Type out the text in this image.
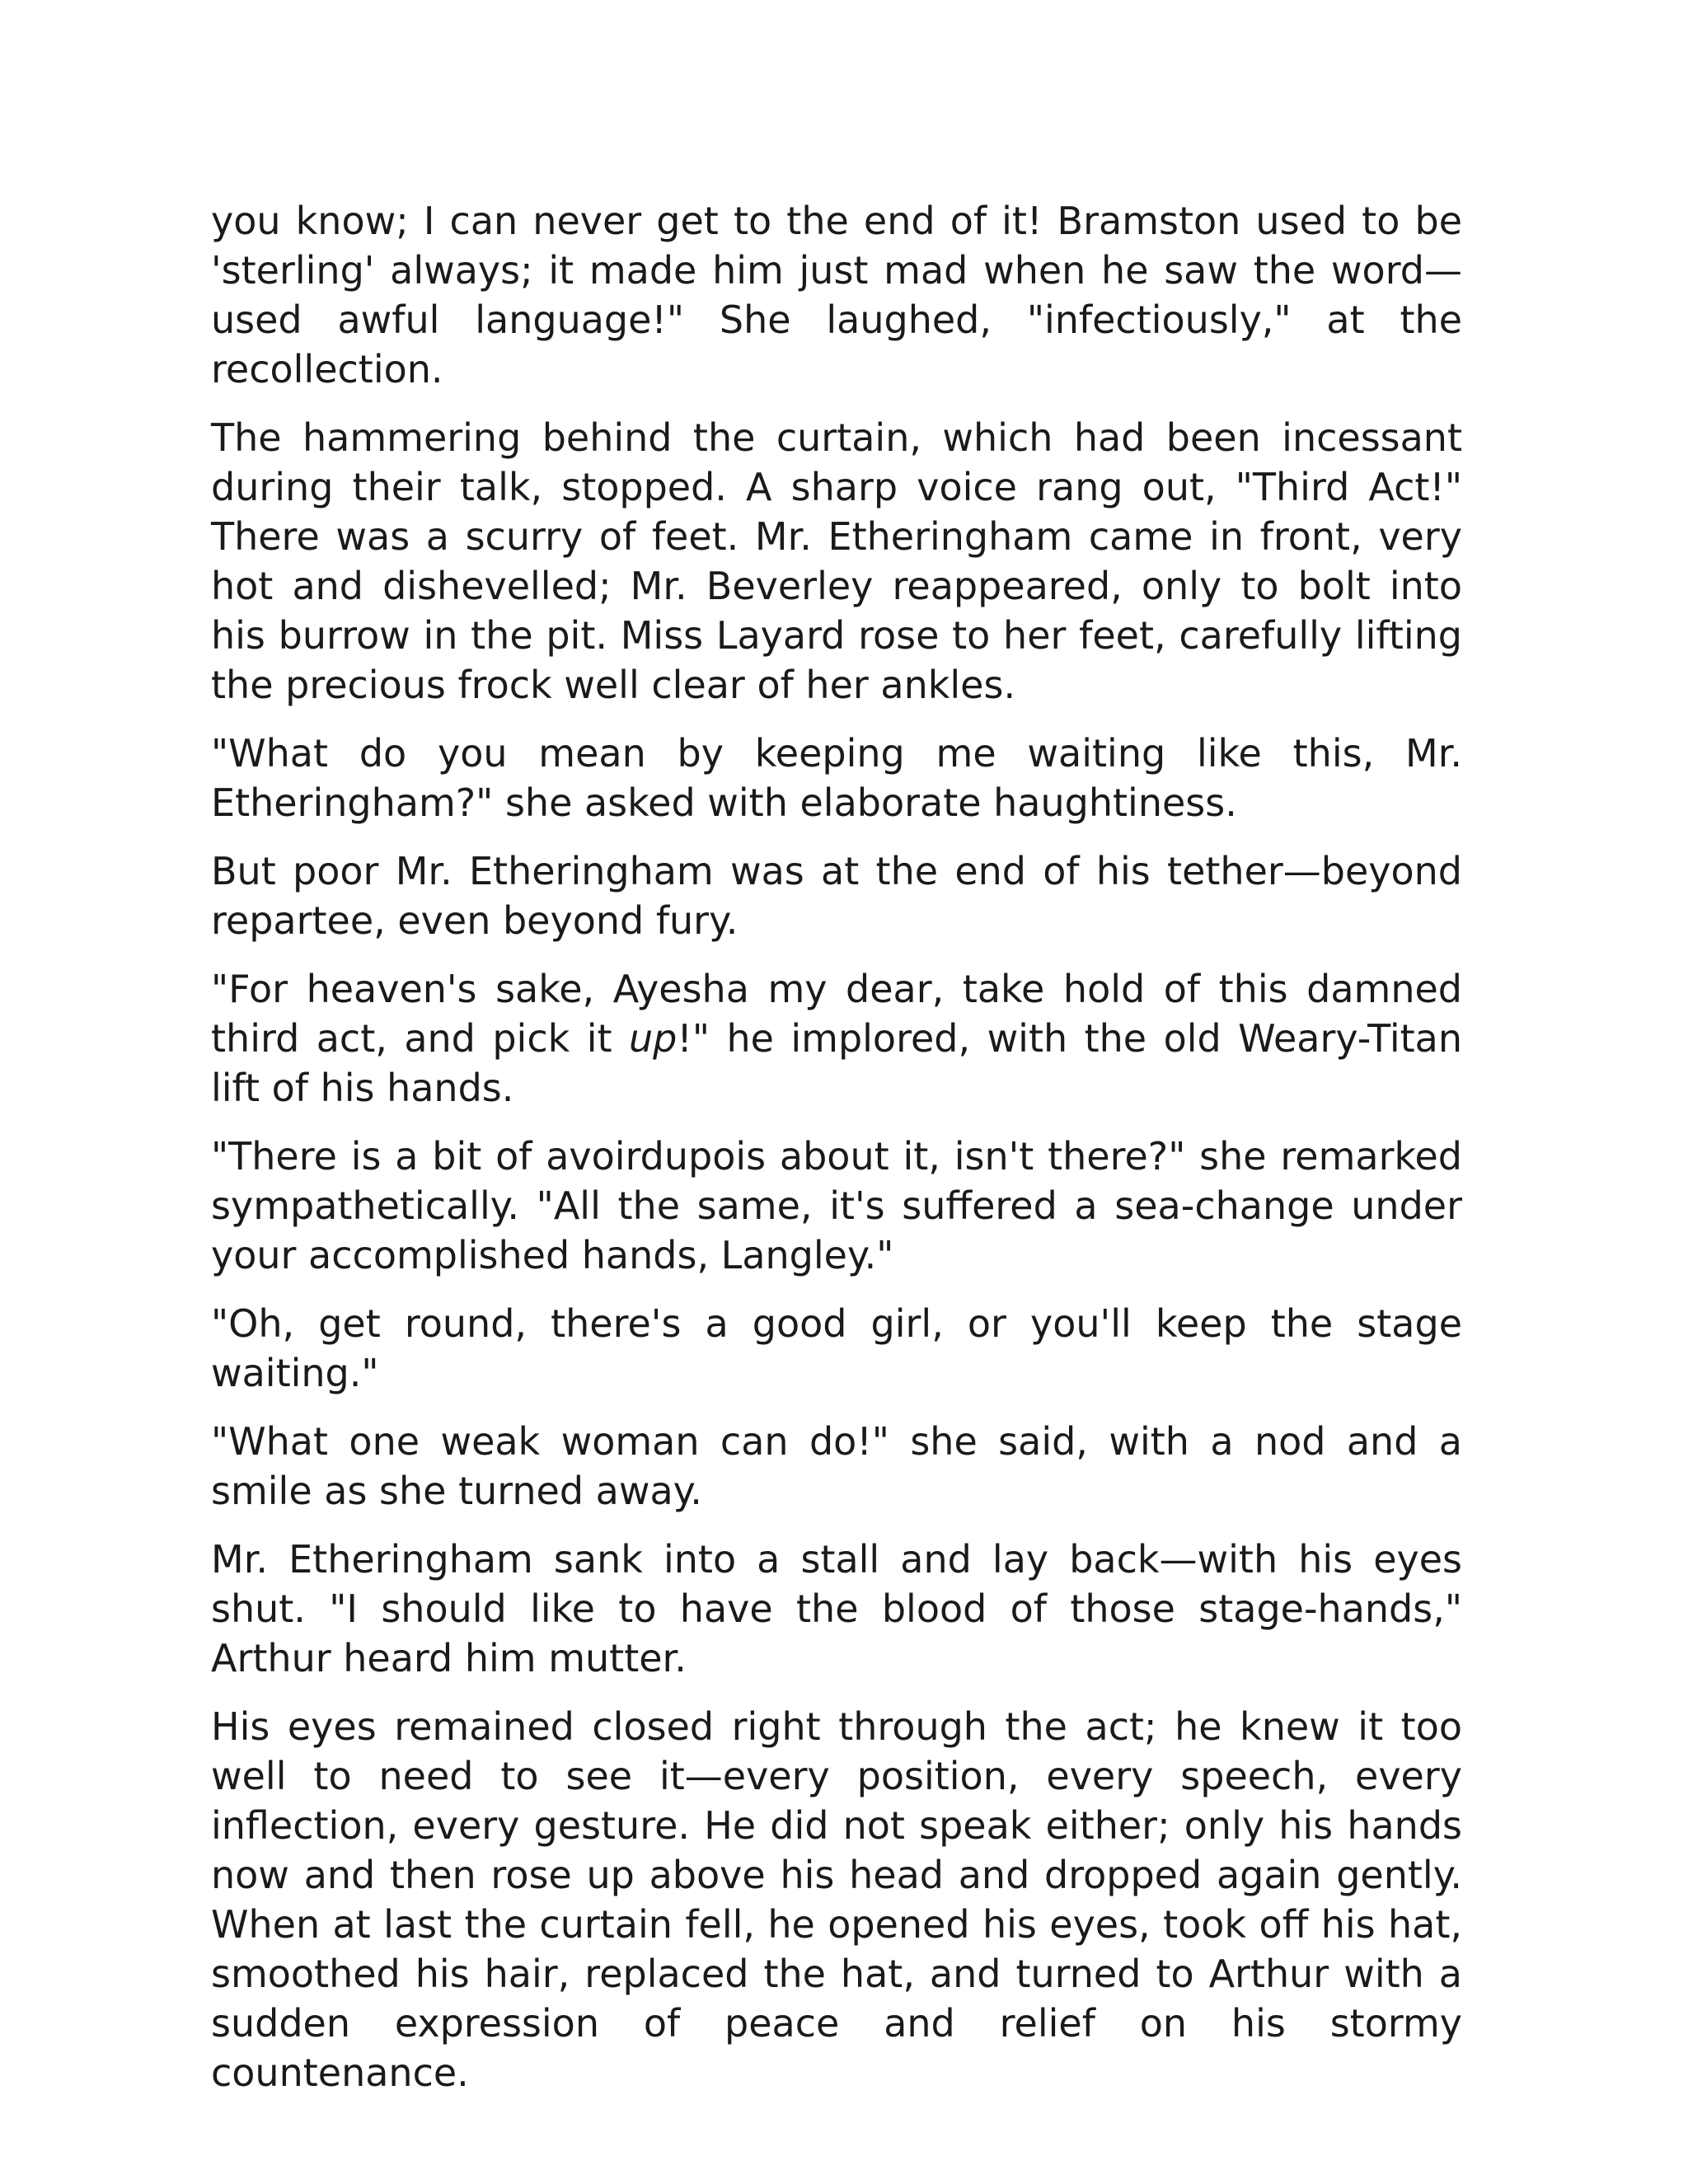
you know; I can never get to the end of it! Bramston used to be 'sterling' always; it made him just mad when he saw the word—used awful language!" She laughed, "infectiously," at the recollection.

The hammering behind the curtain, which had been incessant during their talk, stopped. A sharp voice rang out, "Third Act!" There was a scurry of feet. Mr. Etheringham came in front, very hot and dishevelled; Mr. Beverley reappeared, only to bolt into his burrow in the pit. Miss Layard rose to her feet, carefully lifting the precious frock well clear of her ankles.

"What do you mean by keeping me waiting like this, Mr. Etheringham?" she asked with elaborate haughtiness.

But poor Mr. Etheringham was at the end of his tether—beyond repartee, even beyond fury.

"For heaven's sake, Ayesha my dear, take hold of this damned third act, and pick it up!" he implored, with the old Weary-Titan lift of his hands.

"There is a bit of avoirdupois about it, isn't there?" she remarked sympathetically. "All the same, it's suffered a sea-change under your accomplished hands, Langley."

"Oh, get round, there's a good girl, or you'll keep the stage waiting."

"What one weak woman can do!" she said, with a nod and a smile as she turned away.

Mr. Etheringham sank into a stall and lay back—with his eyes shut. "I should like to have the blood of those stage-hands," Arthur heard him mutter.

His eyes remained closed right through the act; he knew it too well to need to see it—every position, every speech, every inflection, every gesture. He did not speak either; only his hands now and then rose up above his head and dropped again gently. When at last the curtain fell, he opened his eyes, took off his hat, smoothed his hair, replaced the hat, and turned to Arthur with a sudden expression of peace and relief on his stormy countenance.
